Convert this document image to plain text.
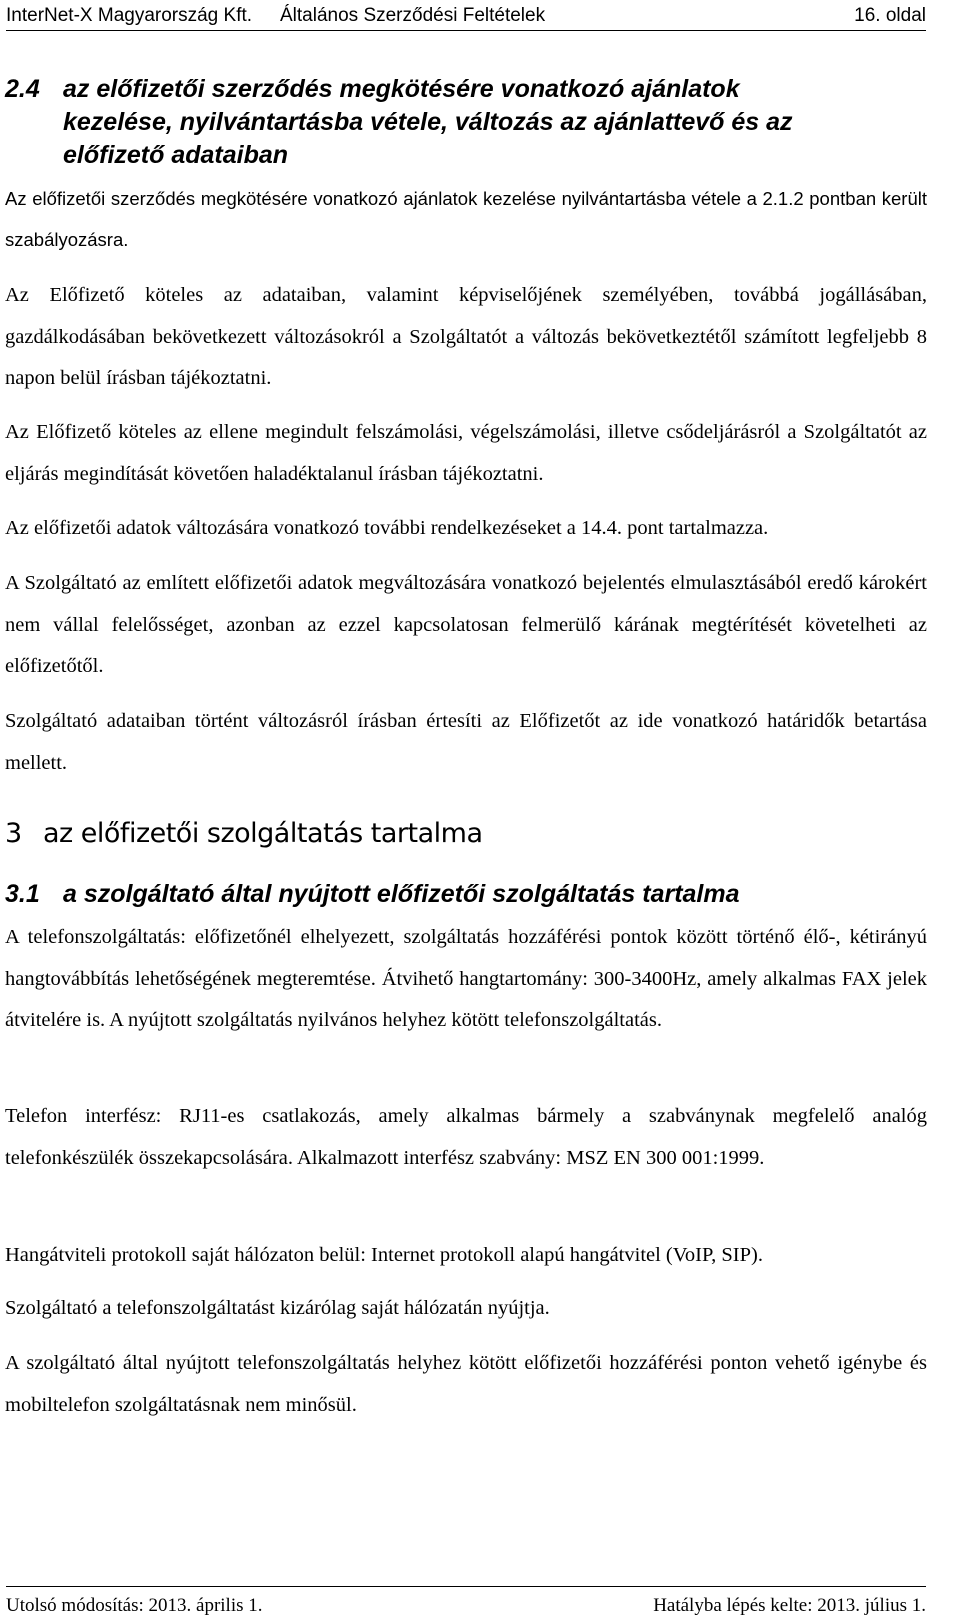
InterNet-X Magyarország Kft. Általános Szerződési Feltételek	16. oldal
2.4 az előfizetői szerződés megkötésére vonatkozó ajánlatok
kezelése, nyilvántartásba vétele, változás az ajánlattevő és az
előfizető adataiban

Az előfizetői szerződés megkötésére vonatkozó ajánlatok kezelése nyilvántartásba vétele a 2.1.2 pontban került szabályozásra.

Az Előfizető köteles az adataiban, valamint képviselőjének személyében, továbbá jogállásában, gazdálkodásában bekövetkezett változásokról a Szolgáltatót a változás bekövetkeztétől számított legfeljebb 8 napon belül írásban tájékoztatni.

Az Előfizető köteles az ellene megindult felszámolási, végelszámolási, illetve csődeljárásról a Szolgáltatót az eljárás megindítását követően haladéktalanul írásban tájékoztatni.

Az előfizetői adatok változására vonatkozó további rendelkezéseket a 14.4. pont tartalmazza.

A Szolgáltató az említett előfizetői adatok megváltozására vonatkozó bejelentés elmulasztásából eredő károkért nem vállal felelősséget, azonban az ezzel kapcsolatosan felmerülő kárának megtérítését követelheti az előfizetőtől.

Szolgáltató adataiban történt változásról írásban értesíti az Előfizetőt az ide vonatkozó határidők betartása mellett.

3 az előfizetői szolgáltatás tartalma
3.1 a szolgáltató által nyújtott előfizetői szolgáltatás tartalma

A telefonszolgáltatás: előfizetőnél elhelyezett, szolgáltatás hozzáférési pontok között történő élő-, kétirányú hangtovábbítás lehetőségének megteremtése. Átvihető hangtartomány: 300-3400Hz, amely alkalmas FAX jelek átvitelére is. A nyújtott szolgáltatás nyilvános helyhez kötött telefonszolgáltatás.

Telefon interfész: RJ11-es csatlakozás, amely alkalmas bármely a szabványnak megfelelő analóg telefonkészülék összekapcsolására. Alkalmazott interfész szabvány: MSZ EN 300 001:1999.

Hangátviteli protokoll saját hálózaton belül: Internet protokoll alapú hangátvitel (VoIP, SIP).

Szolgáltató a telefonszolgáltatást kizárólag saját hálózatán nyújtja.

A szolgáltató által nyújtott telefonszolgáltatás helyhez kötött előfizetői hozzáférési ponton vehető igénybe és mobiltelefon szolgáltatásnak nem minősül.

Utolsó módosítás: 2013. április 1.	Hatályba lépés kelte: 2013. július 1.
